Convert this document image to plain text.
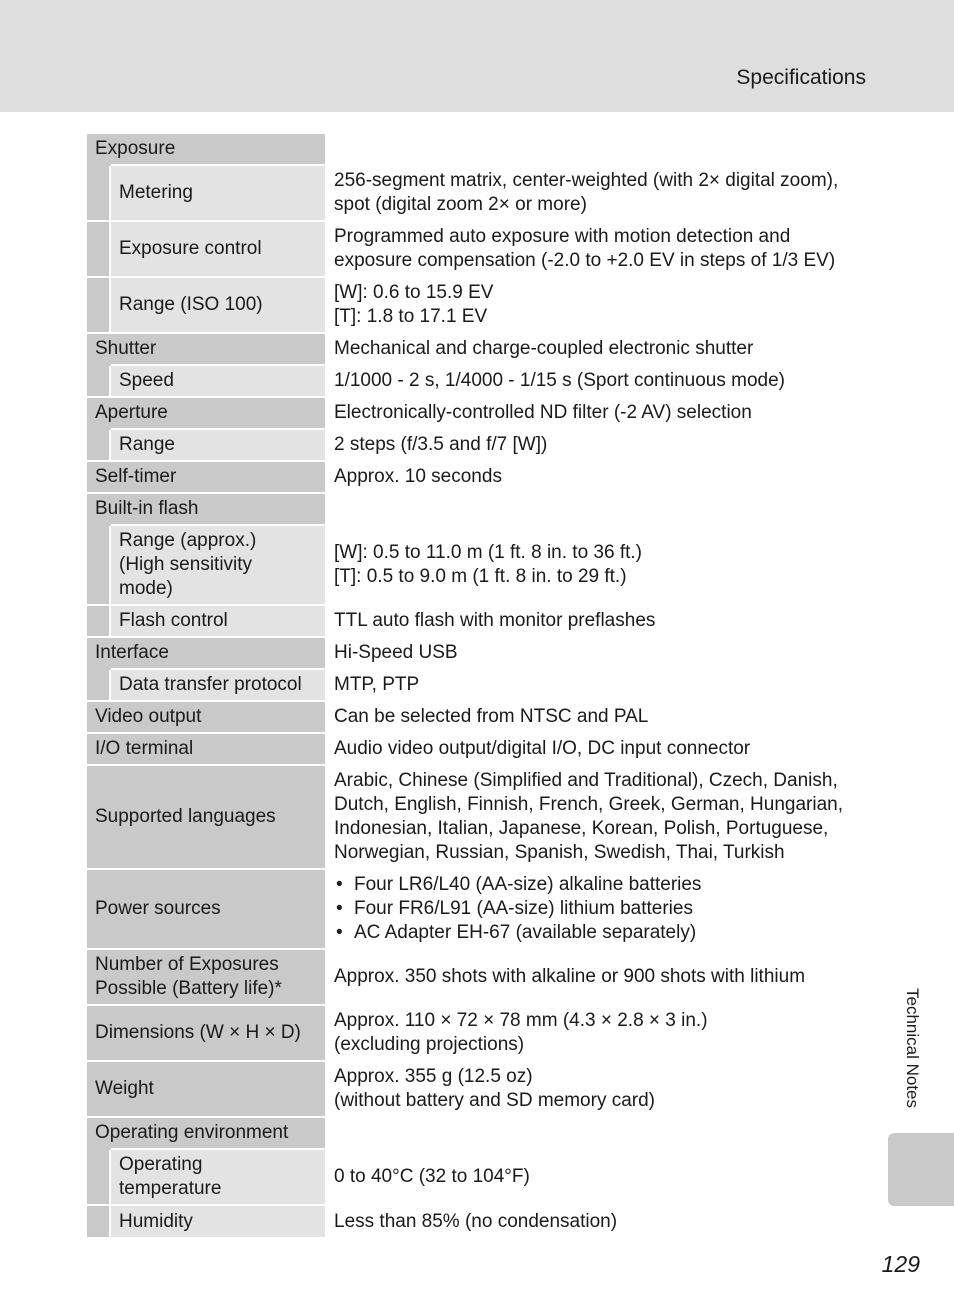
Specifications
Exposure		
	Metering	256-segment matrix, center-weighted (with 2× digital zoom),
spot (digital zoom 2× or more)

	Exposure control	Programmed auto exposure with motion detection and
exposure compensation (-2.0 to +2.0 EV in steps of 1/3 EV)

	Range (ISO 100)	[W]: 0.6 to 15.9 EV
[T]: 1.8 to 17.1 EV

Shutter		Mechanical and charge-coupled electronic shutter
	Speed	1/1000 - 2 s, 1/4000 - 1/15 s (Sport continuous mode)
Aperture		Electronically-controlled ND filter (-2 AV) selection
	Range	2 steps (f/3.5 and f/7 [W])
Self-timer		Approx. 10 seconds
Built-in flash		

	Range (approx.)
(High sensitivity
mode)	[W]: 0.5 to 11.0 m (1 ft. 8 in. to 36 ft.)
[T]: 0.5 to 9.0 m (1 ft. 8 in. to 29 ft.)

	Flash control	TTL auto flash with monitor preflashes
Interface		Hi-Speed USB
	Data transfer protocol	MTP, PTP
Video output		Can be selected from NTSC and PAL
I/O terminal		Audio video output/digital I/O, DC input connector
Supported languages		Arabic, Chinese (Simplified and Traditional), Czech, Danish,
Dutch, English, Finnish, French, Greek, German, Hungarian,
Indonesian, Italian, Japanese, Korean, Polish, Portuguese,
Norwegian, Russian, Spanish, Swedish, Thai, Turkish

Power sources		• Four LR6/L40 (AA-size) alkaline batteries
• Four FR6/L91 (AA-size) lithium batteries
• AC Adapter EH-67 (available separately)

Number of Exposures
Possible (Battery life)*		Approx. 350 shots with alkaline or 900 shots with lithium
Dimensions (W × H × D)		Approx. 110 × 72 × 78 mm (4.3 × 2.8 × 3 in.)
(excluding projections)

Weight		Approx. 355 g (12.5 oz)
(without battery and SD memory card)

Operating environment		

	Operating
temperature	0 to 40°C (32 to 104°F)
	Humidity	Less than 85% (no condensation)
Technical Notes
129
